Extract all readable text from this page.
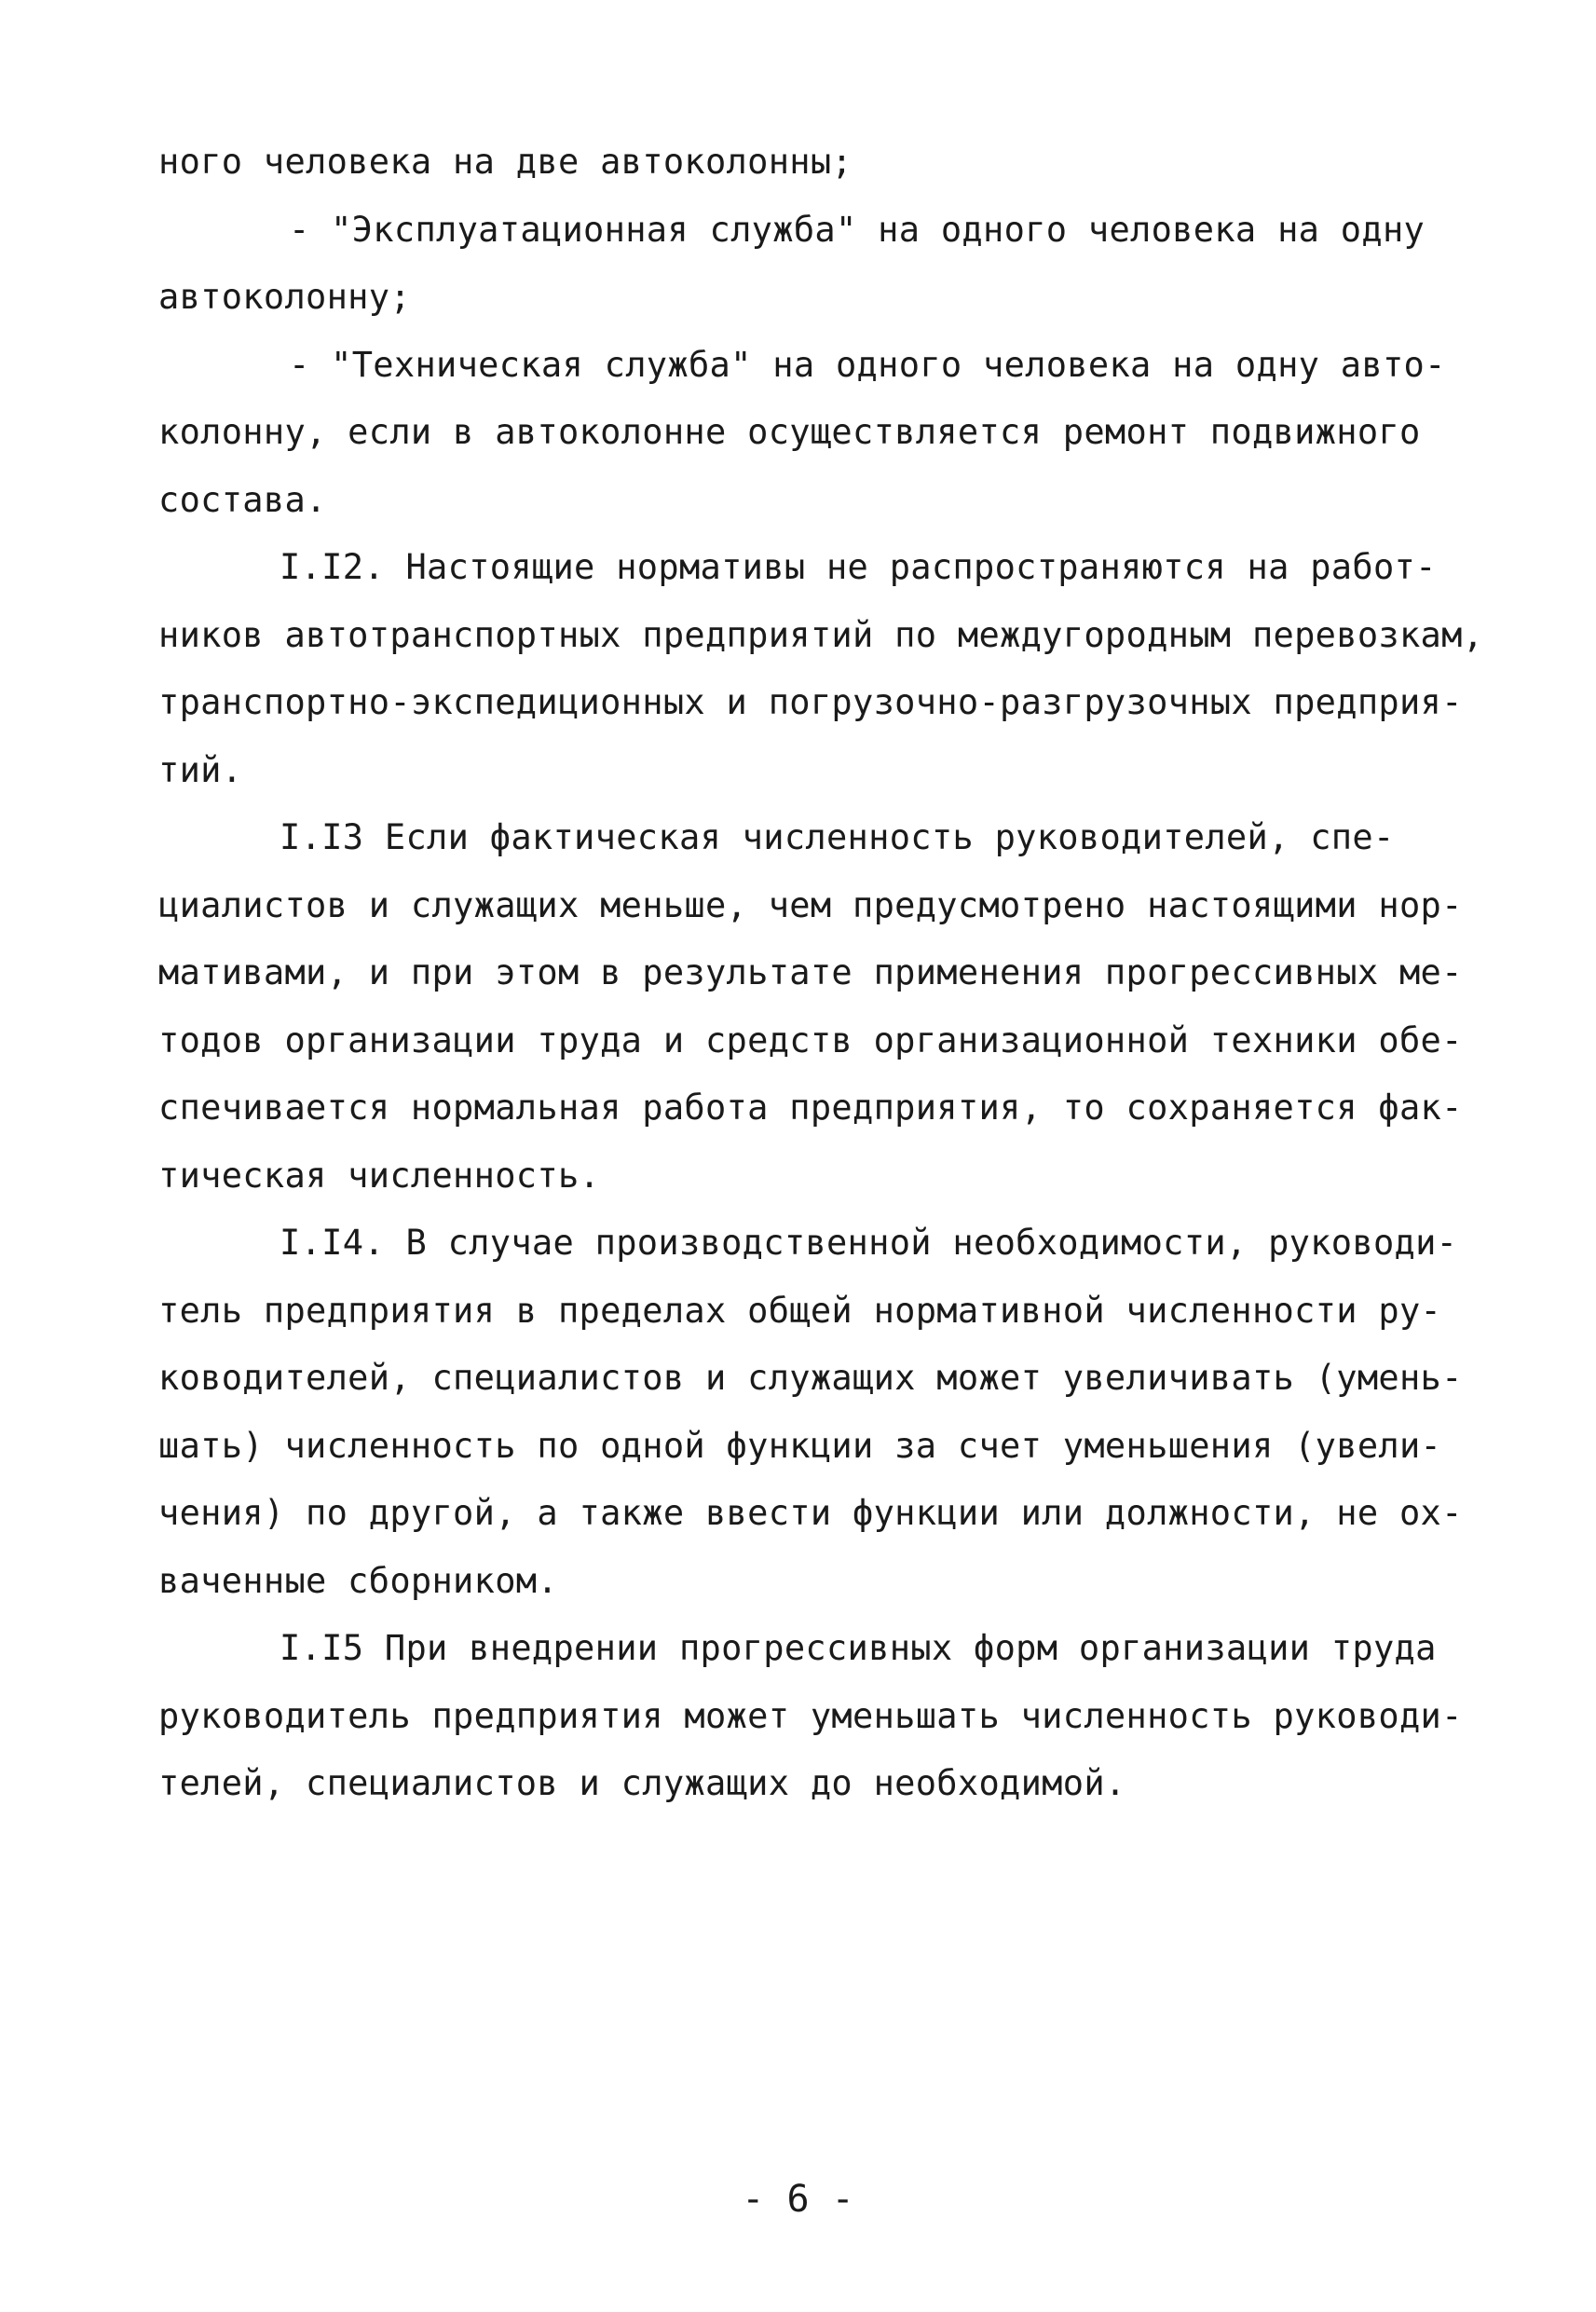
ного человека на две автоколонны;
- "Эксплуатационная служба" на одного человека на одну
автоколонну;
- "Техническая служба" на одного человека на одну авто-
колонну, если в автоколонне осуществляется ремонт подвижного
состава.
I.I2. Настоящие нормативы не распространяются на работ-
ников автотранспортных предприятий по междугородным перевозкам,
транспортно-экспедиционных и погрузочно-разгрузочных предприя-
тий.
I.I3 Если фактическая численность руководителей, спе-
циалистов и служащих меньше, чем предусмотрено настоящими нор-
мативами, и при этом в результате применения прогрессивных ме-
тодов организации труда и средств организационной техники обе-
спечивается нормальная работа предприятия, то сохраняется фак-
тическая численность.
I.I4. В случае производственной необходимости, руководи-
тель предприятия в пределах общей нормативной численности ру-
ководителей, специалистов и служащих может увеличивать (умень-
шать) численность по одной функции за счет уменьшения (увели-
чения) по другой, а также ввести функции или должности, не ох-
ваченные сборником.
I.I5 При внедрении прогрессивных форм организации труда
руководитель предприятия может уменьшать численность руководи-
телей, специалистов и служащих до необходимой.
- 6 -
